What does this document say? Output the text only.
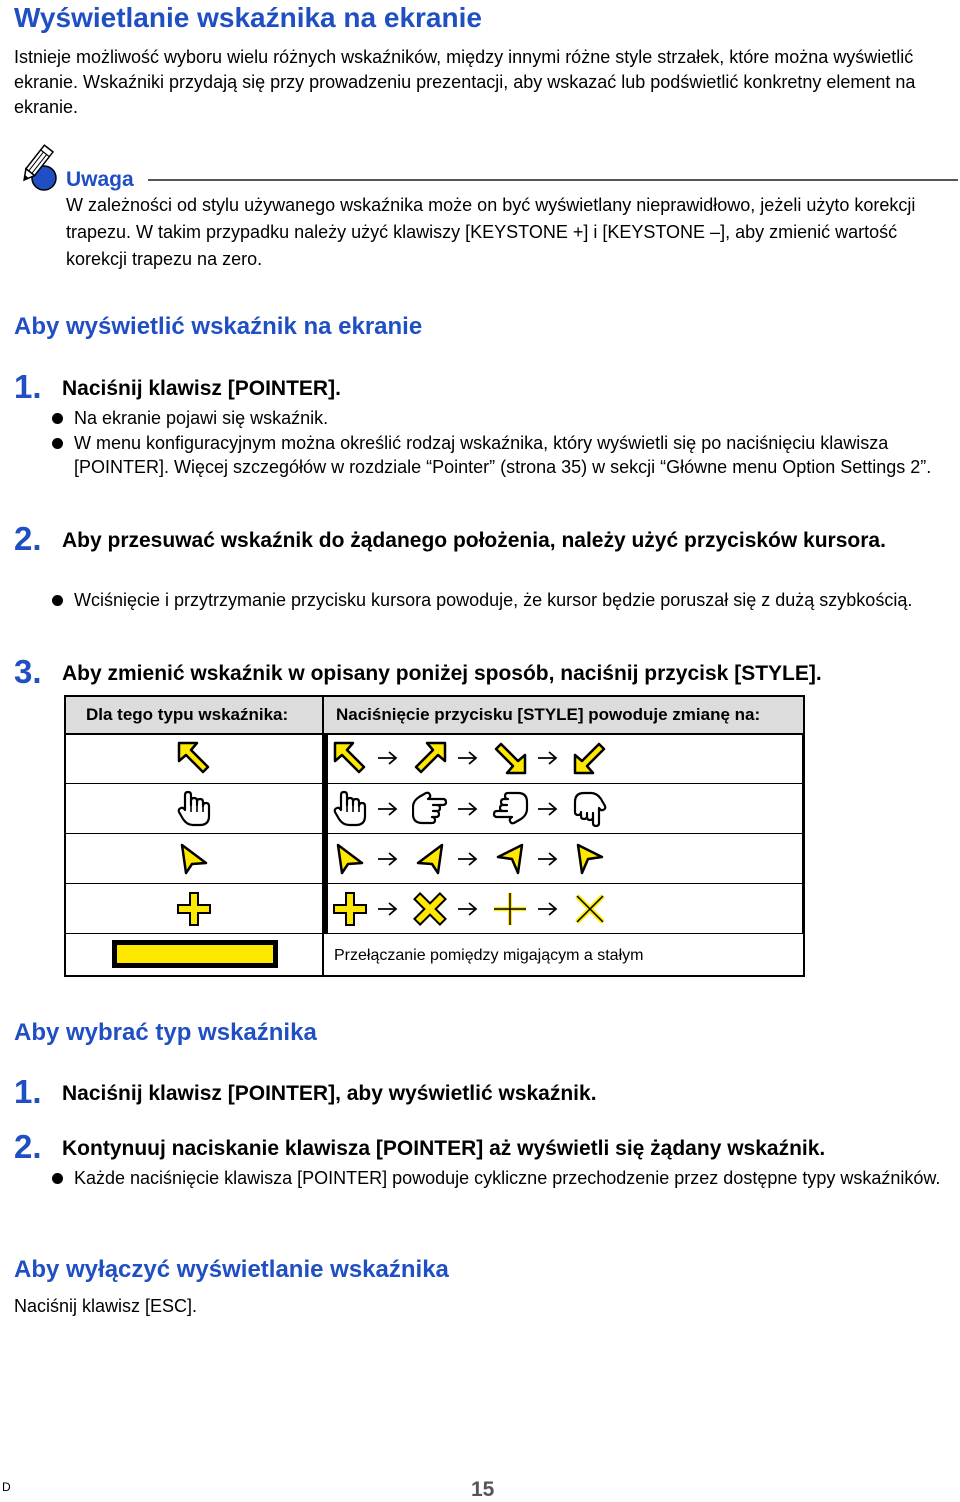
Wyświetlanie wskaźnika na ekranie

Istnieje możliwość wyboru wielu różnych wskaźników, między innymi różne style strzałek, które można wyświetlić ekranie. Wskaźniki przydają się przy prowadzeniu prezentacji, aby wskazać lub podświetlić konkretny element na ekranie.

Uwaga

W zależności od stylu używanego wskaźnika może on być wyświetlany nieprawidłowo, jeżeli użyto korekcji trapezu. W takim przypadku należy użyć klawiszy [KEYSTONE +] i [KEYSTONE –], aby zmienić wartość korekcji trapezu na zero.

Aby wyświetlić wskaźnik na ekranie
1. Naciśnij klawisz [POINTER].

Na ekranie pojawi się wskaźnik.
W menu konfiguracyjnym można określić rodzaj wskaźnika, który wyświetli się po naciśnięciu klawisza [POINTER]. Więcej szczegółów w rozdziale “Pointer” (strona 35) w sekcji “Główne menu Option Settings 2”.
2. Aby przesuwać wskaźnik do żądanego położenia, należy użyć przycisków kursora.

Wciśnięcie i przytrzymanie przycisku kursora powoduje, że kursor będzie poruszał się z dużą szybkością.
3. Aby zmienić wskaźnik w opisany poniżej sposób, naciśnij przycisk [STYLE].

Dla tego typu wskaźnika:	Naciśnięcie przycisku [STYLE] powoduje zmianę na:
Przełączanie pomiędzy migającym a stałym
Aby wybrać typ wskaźnika
1. Naciśnij klawisz [POINTER], aby wyświetlić wskaźnik.

2. Kontynuuj naciskanie klawisza [POINTER] aż wyświetli się żądany wskaźnik.

Każde naciśnięcie klawisza [POINTER] powoduje cykliczne przechodzenie przez dostępne typy wskaźników.
Aby wyłączyć wyświetlanie wskaźnika

Naciśnij klawisz [ESC].

D	15
